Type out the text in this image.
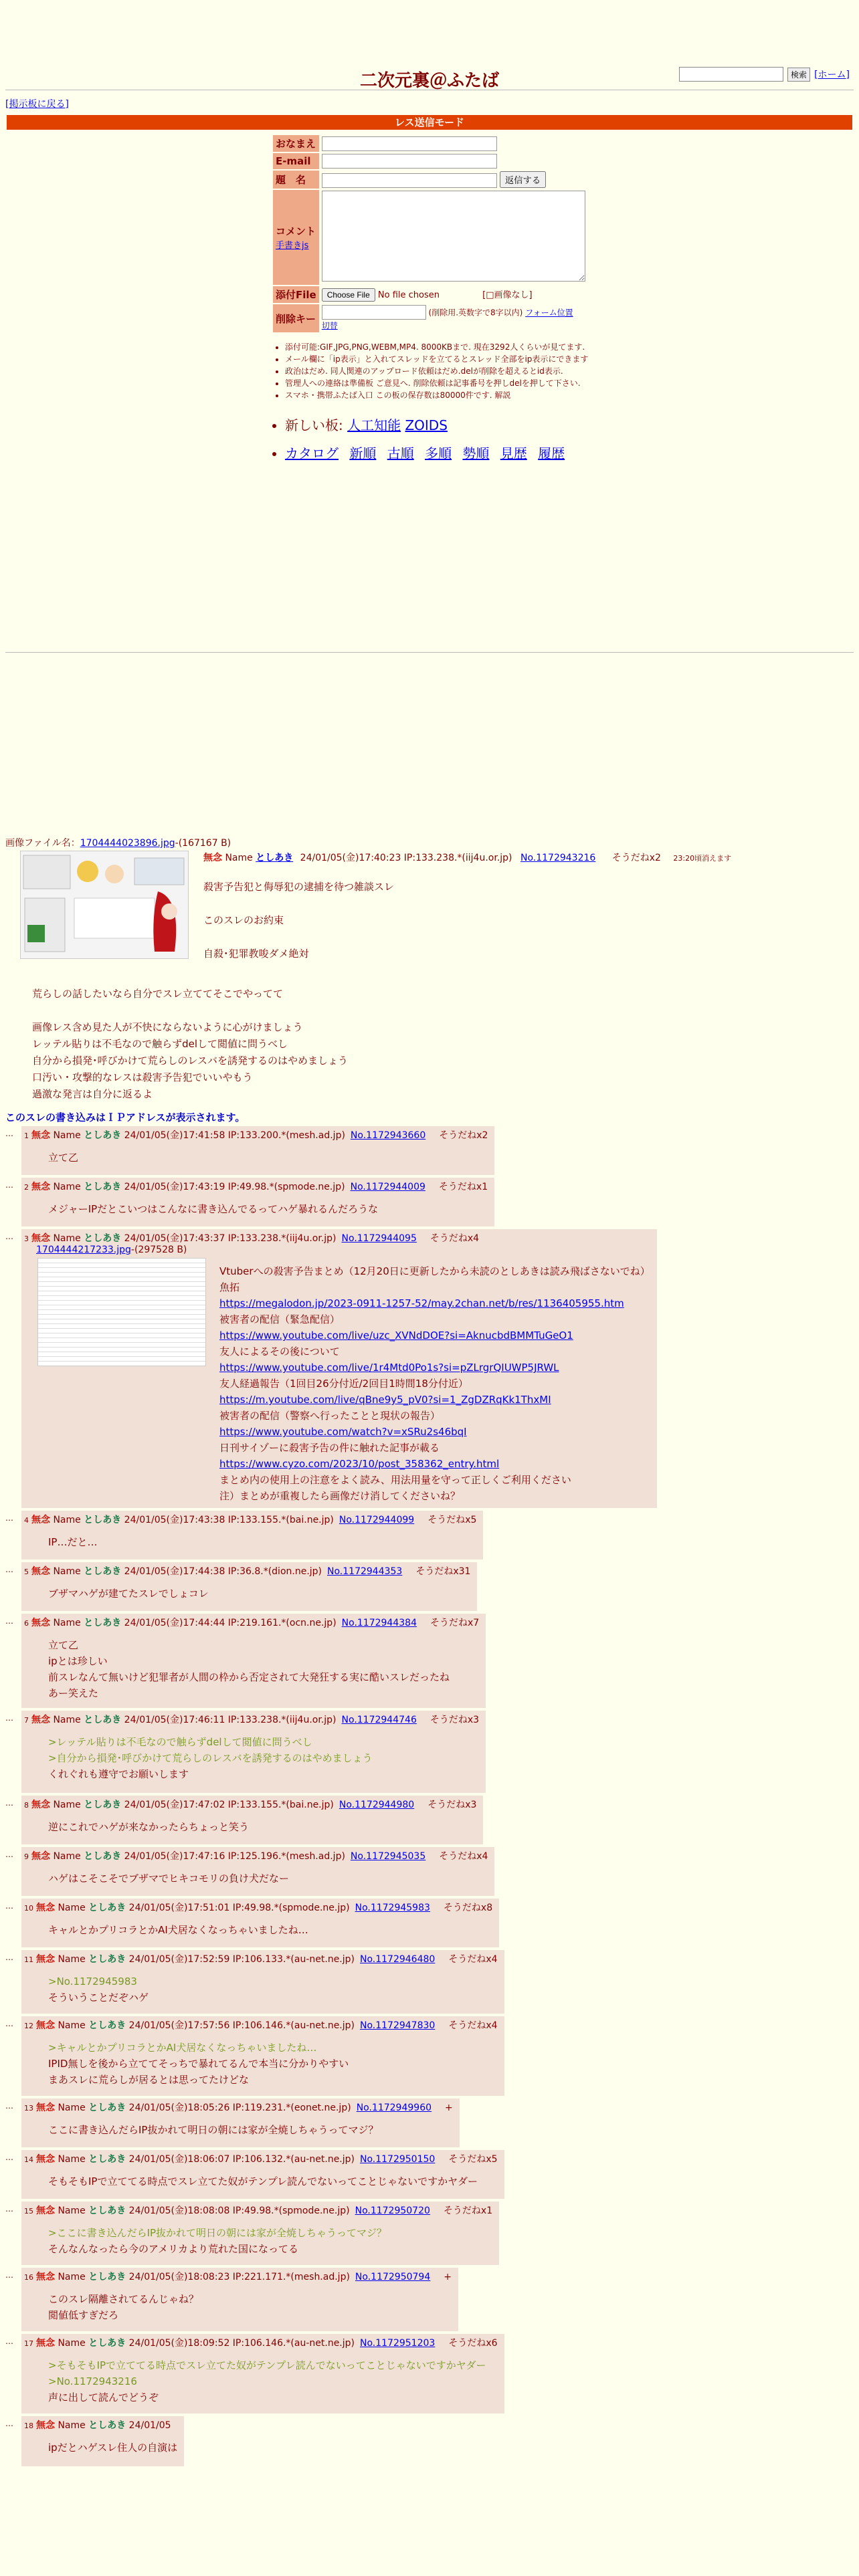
検索 [ホーム]
二次元裏＠ふたば
[掲示板に戻る]
レス送信モード
おなまえ	
E-mail	
題　名	返信する

コメント
手書きjs	
添付File	Choose File No file chosen [□画像なし]
削除キー	(削除用.英数字で8字以内) フォーム位置
切替
• 添付可能:GIF,JPG,PNG,WEBM,MP4. 8000KBまで. 現在3292人くらいが見てます.
• メール欄に「ip表示」と入れてスレッドを立てるとスレッド全部をip表示にできます
• 政治はだめ. 同人関連のアップロード依頼はだめ.delが削除を超えるとid表示.
• 管理人への連絡は準備板 ご意見へ. 削除依頼は記事番号を押しdelを押して下さい.
• スマホ・携帯ふたば入口 この板の保存数は80000件です. 解説
• 新しい板: 人工知能 ZOIDS
• カタログ 新順 古順 多順 勢順 見歴 履歴
画像ファイル名：1704444023896.jpg-(167167 B)
無念 Name としあき 24/01/05(金)17:40:23 IP:133.238.*(iij4u.or.jp) No.1172943216 そうだねx2 23:20頃消えます
殺害予告犯と侮辱犯の逮捕を待つ雑談スレ
このスレのお約束
自殺･犯罪教唆ダメ絶対
荒らしの話したいなら自分でスレ立ててそこでやってて
画像レス含め見た人が不快にならないように心がけましょう
レッテル貼りは不毛なので触らずdelして閲値に問うべし
自分から損発･呼びかけて荒らしのレスバを誘発するのはやめましょう
口汚い・攻撃的なレスは殺害予告犯でいいやもう
過激な発言は自分に返るよ
このスレの書き込みはＩＰアドレスが表示されます。
…	1 無念 Name としあき 24/01/05(金)17:41:58 IP:133.200.*(mesh.ad.jp) No.1172943660 そうだねx2
立て乙
…	2 無念 Name としあき 24/01/05(金)17:43:19 IP:49.98.*(spmode.ne.jp) No.1172944009 そうだねx1
メジャーIPだとこいつはこんなに書き込んでるってハゲ暴れるんだろうな
…	3 無念 Name としあき 24/01/05(金)17:43:37 IP:133.238.*(iij4u.or.jp) No.1172944095 そうだねx4
1704444217233.jpg-(297528 B)
Vtuberへの殺害予告まとめ（12月20日に更新したから未読のとしあきは読み飛ばさないでね）
魚拓
https://megalodon.jp/2023-0911-1257-52/may.2chan.net/b/res/1136405955.htm
被害者の配信（緊急配信）
https://www.youtube.com/live/uzc_XVNdDOE?si=AknucbdBMMTuGeO1
友人によるその後について
https://www.youtube.com/live/1r4Mtd0Po1s?si=pZLrgrQIUWP5JRWL
友人経過報告（1回目26分付近/2回目1時間18分付近）
https://m.youtube.com/live/qBne9y5_pV0?si=1_ZgDZRqKk1ThxMI
被害者の配信（警察へ行ったことと現状の報告）
https://www.youtube.com/watch?v=xSRu2s46bqI
日刊サイゾーに殺害予告の件に触れた記事が載る
https://www.cyzo.com/2023/10/post_358362_entry.html
まとめ内の使用上の注意をよく読み、用法用量を守って正しくご利用ください
注）まとめが重複したら画像だけ消してくださいね？
…	4 無念 Name としあき 24/01/05(金)17:43:38 IP:133.155.*(bai.ne.jp) No.1172944099 そうだねx5
IP…だと…
…	5 無念 Name としあき 24/01/05(金)17:44:38 IP:36.8.*(dion.ne.jp) No.1172944353 そうだねx31
ブザマハゲが建てたスレでしょコレ
…	6 無念 Name としあき 24/01/05(金)17:44:44 IP:219.161.*(ocn.ne.jp) No.1172944384 そうだねx7
立て乙
ipとは珍しい
前スレなんて無いけど犯罪者が人間の枠から否定されて大発狂する実に酷いスレだったね
あー笑えた
…	7 無念 Name としあき 24/01/05(金)17:46:11 IP:133.238.*(iij4u.or.jp) No.1172944746 そうだねx3
>レッテル貼りは不毛なので触らずdelして閲値に問うべし
>自分から損発･呼びかけて荒らしのレスバを誘発するのはやめましょう
くれぐれも遵守でお願いします
…	8 無念 Name としあき 24/01/05(金)17:47:02 IP:133.155.*(bai.ne.jp) No.1172944980 そうだねx3
逆にこれでハゲが来なかったらちょっと笑う
…	9 無念 Name としあき 24/01/05(金)17:47:16 IP:125.196.*(mesh.ad.jp) No.1172945035 そうだねx4
ハゲはこそこそでブザマでヒキコモリの負け犬だなー
…	10 無念 Name としあき 24/01/05(金)17:51:01 IP:49.98.*(spmode.ne.jp) No.1172945983 そうだねx8
キャルとかプリコラとかAI犬居なくなっちゃいましたね…
…	11 無念 Name としあき 24/01/05(金)17:52:59 IP:106.133.*(au-net.ne.jp) No.1172946480 そうだねx4
>No.1172945983
そういうことだぞハゲ
…	12 無念 Name としあき 24/01/05(金)17:57:56 IP:106.146.*(au-net.ne.jp) No.1172947830 そうだねx4
>キャルとかプリコラとかAI犬居なくなっちゃいましたね…
IPID無しを後から立ててそっちで暴れてるんで本当に分かりやすい
まあスレに荒らしが居るとは思ってたけどな
…	13 無念 Name としあき 24/01/05(金)18:05:26 IP:119.231.*(eonet.ne.jp) No.1172949960 +
ここに書き込んだらIP抜かれて明日の朝には家が全焼しちゃうってマジ？
…	14 無念 Name としあき 24/01/05(金)18:06:07 IP:106.132.*(au-net.ne.jp) No.1172950150 そうだねx5
そもそもIPで立ててる時点でスレ立てた奴がテンプレ読んでないってことじゃないですかヤダー
…	15 無念 Name としあき 24/01/05(金)18:08:08 IP:49.98.*(spmode.ne.jp) No.1172950720 そうだねx1
>ここに書き込んだらIP抜かれて明日の朝には家が全焼しちゃうってマジ？
そんなんなったら今のアメリカより荒れた国になってる
…	16 無念 Name としあき 24/01/05(金)18:08:23 IP:221.171.*(mesh.ad.jp) No.1172950794 +
このスレ隔離されてるんじゃね？
閲値低すぎだろ
…	17 無念 Name としあき 24/01/05(金)18:09:52 IP:106.146.*(au-net.ne.jp) No.1172951203 そうだねx6
>そもそもIPで立ててる時点でスレ立てた奴がテンプレ読んでないってことじゃないですかヤダー
>No.1172943216
声に出して読んでどうぞ
…	18 無念 Name としあき 24/01/05
ipだとハゲスレ住人の自演は
